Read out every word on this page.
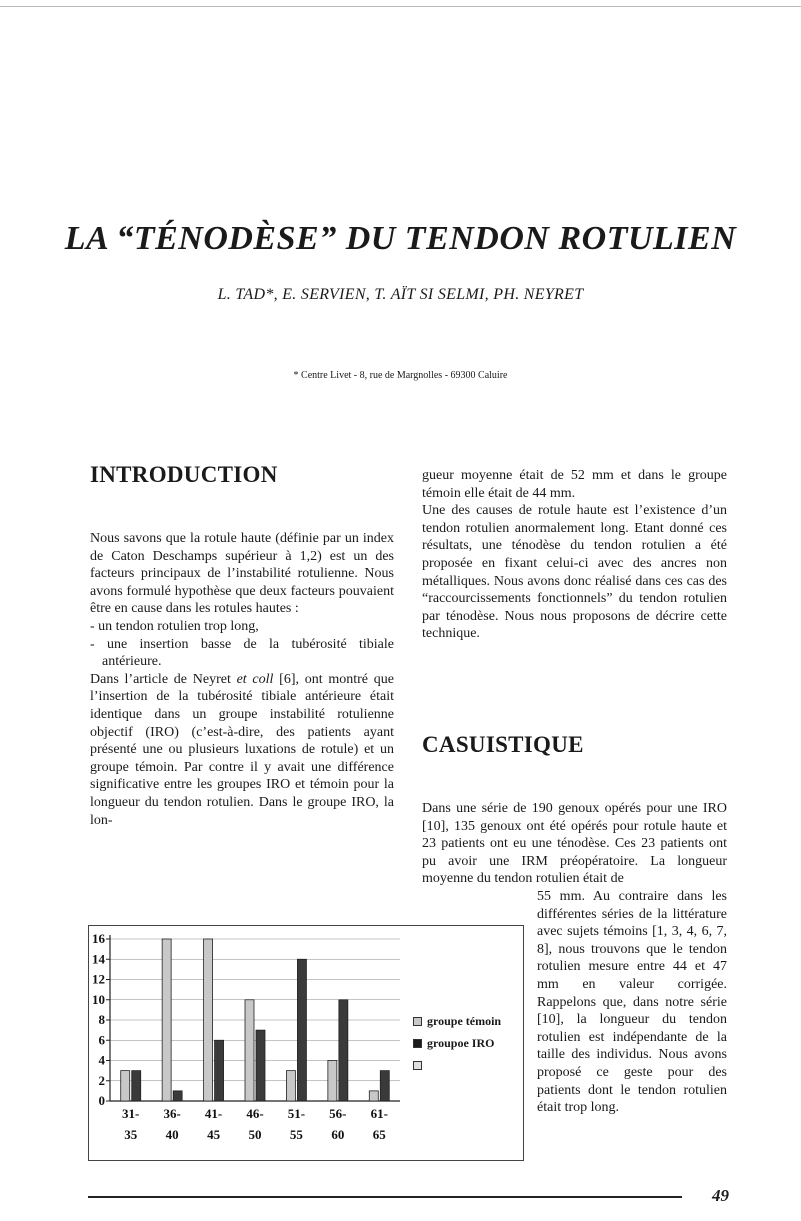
LA “TÉNODÈSE” DU TENDON ROTULIEN
L. TAD*, E. SERVIEN, T. AÏT SI SELMI, PH. NEYRET
* Centre Livet - 8, rue de Margnolles - 69300 Caluire
INTRODUCTION

Nous savons que la rotule haute (définie par un index de Caton Deschamps supérieur à 1,2) est un des facteurs principaux de l’instabilité rotulienne. Nous avons formulé hypothèse que deux facteurs pouvaient être en cause dans les rotules hautes :

- un tendon rotulien trop long,
- une insertion basse de la tubérosité tibiale antérieure.

Dans l’article de Neyret et coll [6], ont montré que l’insertion de la tubérosité tibiale antérieure était identique dans un groupe instabilité rotulienne objectif (IRO) (c’est-à-dire, des patients ayant présenté une ou plusieurs luxations de rotule) et un groupe témoin. Par contre il y avait une différence significative entre les groupes IRO et témoin pour la longueur du tendon rotulien. Dans le groupe IRO, la lon-

gueur moyenne était de 52 mm et dans le groupe témoin elle était de 44 mm.

Une des causes de rotule haute est l’existence d’un tendon rotulien anormalement long. Etant donné ces résultats, une ténodèse du tendon rotulien a été proposée en fixant celui-ci avec des ancres non métalliques. Nous avons donc réalisé dans ces cas des “raccourcissements fonctionnels” du tendon rotulien par ténodèse. Nous nous proposons de décrire cette technique.

CASUISTIQUE
Dans une série de 190 genoux opérés pour une IRO [10], 135 genoux ont été opérés pour rotule haute et 23 patients ont eu une ténodèse. Ces 23 patients ont pu avoir une IRM préopératoire. La longueur moyenne du tendon rotulien était de
55 mm. Au contraire dans les différentes séries de la littérature avec sujets témoins [1, 3, 4, 6, 7, 8], nous trouvons que le tendon rotulien mesure entre 44 et 47 mm en valeur corrigée. Rappelons que, dans notre série [10], la longueur du tendon rotulien est indépendante de la taille des individus. Nous avons proposé ce geste pour des patients dont le tendon rotulien était trop long.
0
2
4
6
8
10
12
14
16
31-
35
36-
40
41-
45
46-
50
51-
55
56-
60
61-
65
groupe témoin
groupoe IRO
49
